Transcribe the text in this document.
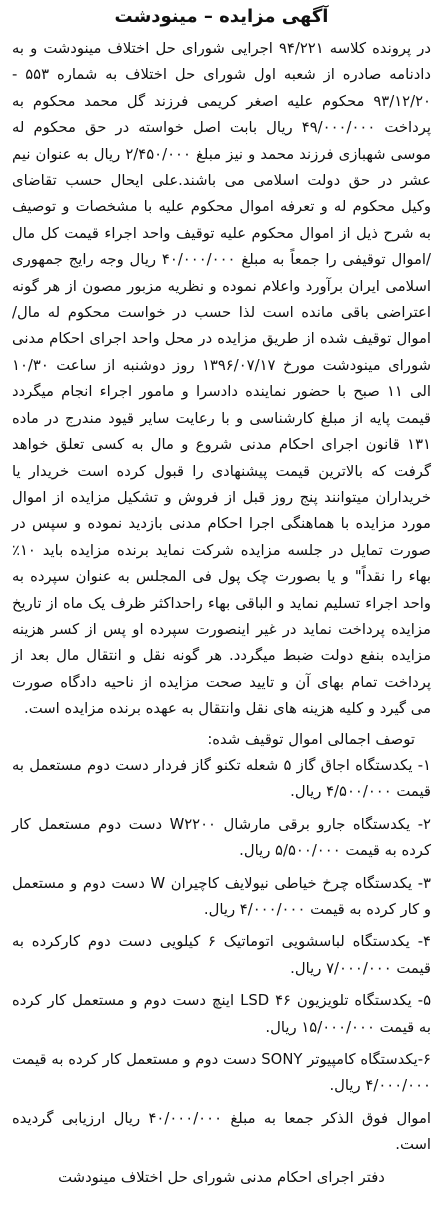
آگهی مزایده – مینودشت

در پرونده کلاسه ۹۴/۲۲۱ اجرایی شورای حل اختلاف مینودشت و به دادنامه صادره از شعبه اول شورای حل اختلاف به شماره ۵۵۳ - ۹۳/۱۲/۲۰ محکوم علیه اصغر کریمی فرزند گل محمد محکوم به پرداخت ۴۹/۰۰۰/۰۰۰ ریال بابت اصل خواسته در حق محکوم له موسی شهبازی فرزند محمد و نیز مبلغ ۲/۴۵۰/۰۰۰ ریال به عنوان نیم عشر در حق دولت اسلامی می باشند.علی ایحال حسب تقاضای وکیل محکوم له و تعرفه اموال محکوم علیه با مشخصات و توصیف به شرح ذیل از اموال محکوم علیه توقیف واحد اجراء قیمت کل مال /اموال توقیفی را جمعاً به مبلغ ۴۰/۰۰۰/۰۰۰ ریال وجه رایج جمهوری اسلامی ایران برآورد واعلام نموده و نظریه مزبور مصون از هر گونه اعتراضی باقی مانده است لذا حسب در خواست محکوم له مال/ اموال توقیف شده از طریق مزایده در محل واحد اجرای احکام مدنی شورای مینودشت مورخ ۱۳۹۶/۰۷/۱۷ روز دوشنبه از ساعت ۱۰/۳۰ الی ۱۱ صبح با حضور نماینده دادسرا و مامور اجراء انجام میگردد قیمت پایه از مبلغ کارشناسی و با رعایت سایر قیود مندرج در ماده ۱۳۱ قانون اجرای احکام مدنی شروع و مال به کسی تعلق خواهد گرفت که بالاترین قیمت پیشنهادی را قبول کرده است خریدار یا خریداران میتوانند پنج روز قبل از فروش و تشکیل مزایده از اموال مورد مزایده با هماهنگی اجرا احکام مدنی بازدید نموده و سپس در صورت تمایل در جلسه مزایده شرکت نماید برنده مزایده باید ۱۰٪ بهاء را نقداً" و یا بصورت چک پول فی المجلس به عنوان سپرده به واحد اجراء تسلیم نماید و الباقی بهاء راحداکثر ظرف یک ماه از تاریخ مزایده پرداخت نماید در غیر اینصورت سپرده او پس از کسر هزینه مزایده بنفع دولت ضبط میگردد. هر گونه نقل و انتقال مال بعد از پرداخت تمام بهای آن و تایید صحت مزایده از ناحیه دادگاه صورت می گیرد و کلیه هزینه های نقل وانتقال به عهده برنده مزایده است.

توصف اجمالی اموال توقیف شده:

۱- یکدستگاه اجاق گاز ۵ شعله تکنو گاز فردار دست دوم مستعمل به قیمت ۴/۵۰۰/۰۰۰ ریال.
۲- یکدستگاه جارو برقی مارشال W۲۲۰۰ دست دوم مستعمل کار کرده به قیمت ۵/۵۰۰/۰۰۰ ریال.
۳- یکدستگاه چرخ خیاطی نیولایف کاچیران W دست دوم و مستعمل و کار کرده به قیمت ۴/۰۰۰/۰۰۰ ریال.
۴- یکدستگاه لباسشویی اتوماتیک ۶ کیلویی دست دوم کارکرده به قیمت ۷/۰۰۰/۰۰۰ ریال.
۵- یکدستگاه تلویزیون LSD ۴۶ اینچ دست دوم و مستعمل کار کرده به قیمت ۱۵/۰۰۰/۰۰۰ ریال.
۶-یکدستگاه کامپیوتر SONY دست دوم و مستعمل کار کرده به قیمت ۴/۰۰۰/۰۰۰ ریال.

اموال فوق الذکر جمعا به مبلغ ۴۰/۰۰۰/۰۰۰ ریال ارزیابی گردیده است.

دفتر اجرای احکام مدنی شورای حل اختلاف مینودشت
